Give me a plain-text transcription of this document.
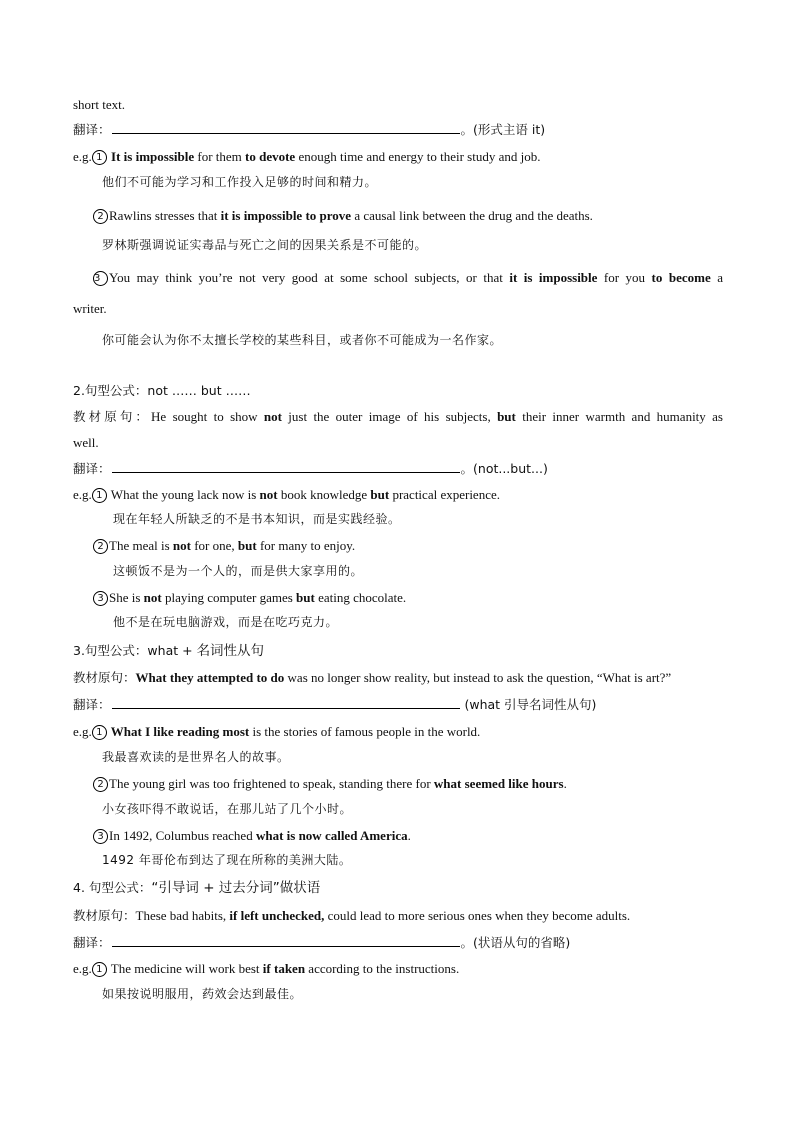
short text.
翻译：	。(形式主语 it)
e.g. 1 It is impossible for them to devote enough time and energy to their study and job.
他们不可能为学习和工作投入足够的时间和精力。
2 Rawlins stresses that it is impossible to prove a causal link between the drug and the deaths.
罗林斯强调说证实毒品与死亡之间的因果关系是不可能的。
3 You may think you’re not very good at some school subjects, or that it is impossible for you to become a
writer.
你可能会认为你不太擅长学校的某些科目，或者你不可能成为一名作家。
2.句型公式：not …… but ……
教材原句：He sought to show not just the outer image of his subjects, but their inner warmth and humanity as
well.
翻译：	。(not...but...)
e.g. 1 What the young lack now is not book knowledge but practical experience.
现在年轻人所缺乏的不是书本知识，而是实践经验。
2 The meal is not for one, but for many to enjoy.
这顿饭不是为一个人的，而是供大家享用的。
3 She is not playing computer games but eating chocolate.
他不是在玩电脑游戏，而是在吃巧克力。
3.句型公式：what + 名词性从句
教材原句：What they attempted to do was no longer show reality, but instead to ask the question, “What is art?”
翻译：	(what 引导名词性从句)
e.g. 1 What I like reading most is the stories of famous people in the world.
我最喜欢读的是世界名人的故事。
2 The young girl was too frightened to speak, standing there for what seemed like hours.
小女孩吓得不敢说话，在那儿站了几个小时。
3 In 1492, Columbus reached what is now called America.
1492 年哥伦布到达了现在所称的美洲大陆。
4. 句型公式：“引导词 + 过去分词”做状语
教材原句：These bad habits, if left unchecked, could lead to more serious ones when they become adults.
翻译：	。(状语从句的省略)
e.g. 1 The medicine will work best if taken according to the instructions.
如果按说明服用，药效会达到最佳。
